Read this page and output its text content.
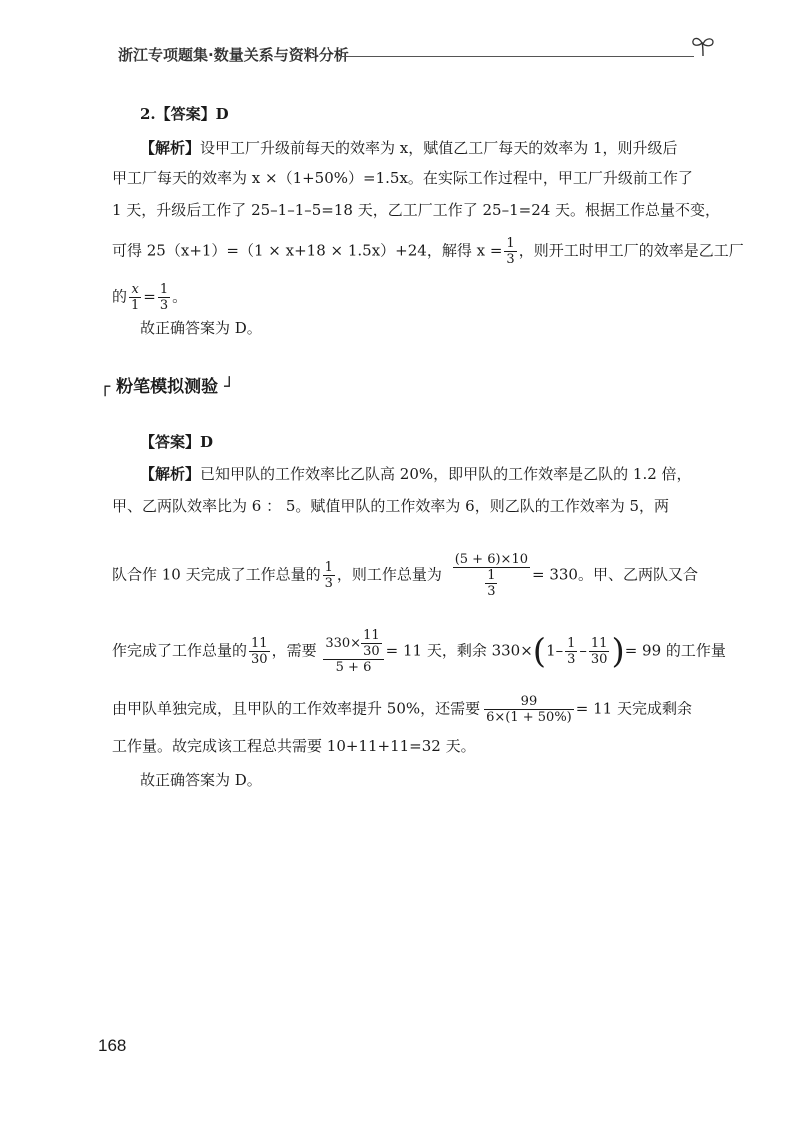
浙江专项题集·数量关系与资料分析
2.【答案】D
【解析】设甲工厂升级前每天的效率为 x，赋值乙工厂每天的效率为 1，则升级后
甲工厂每天的效率为 x ×（1+50%）=1.5x。在实际工作过程中，甲工厂升级前工作了
1 天，升级后工作了 25–1–1–5=18 天，乙工厂工作了 25–1=24 天。根据工作总量不变，
可得 25（x+1）=（1 × x+18 × 1.5x）+24，解得 $x = \frac{1}{3}$ ，则开工时甲工厂的效率是乙工厂
的 $\frac{x}{1} = \frac{1}{3}$ 。
故正确答案为 D。
┌ 粉笔模拟测验 ┘
【答案】D
【解析】已知甲队的工作效率比乙队高 20%，即甲队的工作效率是乙队的 1.2 倍，
甲、乙两队效率比为 6 ： 5。赋值甲队的工作效率为 6，则乙队的工作效率为 5，两
队合作 10 天完成了工作总量的 $\frac{1}{3}$ ，则工作总量为 $\frac{(5 + 6)\times 10}{\frac{1}{3}} = 330$。甲、乙两队又合
作完成了工作总量的 $\frac{11}{30}$ ，需要 $\frac{330\times \frac{11}{30}}{5 + 6} = 11$ 天，剩余 $330\times(1- \frac{1}{3} - \frac{11}{30}$ )= 99 的工作量
由甲队单独完成，且甲队的工作效率提升 50%，还需要 $\frac{99}{6\times(1 + 50\%)} = 11$ 天完成剩余
工作量。故完成该工程总共需要 10+11+11=32 天。
故正确答案为 D。
168
